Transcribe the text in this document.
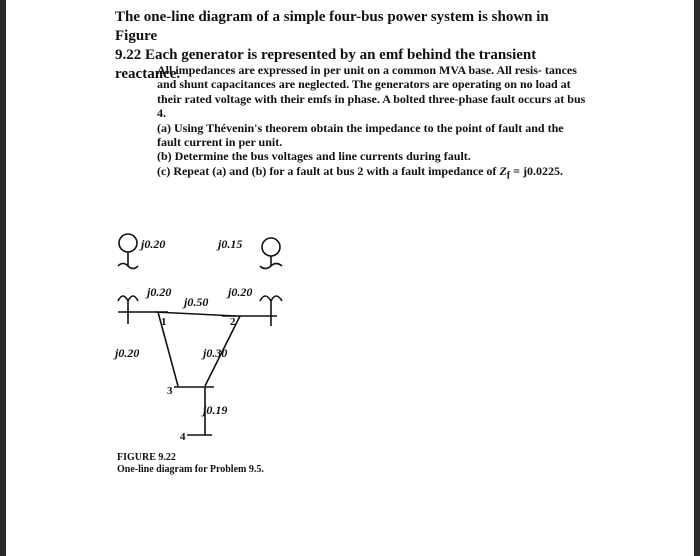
The one-line diagram of a simple four-bus power system is shown in Figure

9.22 Each generator is represented by an emf behind the transient reactance.

All impedances are expressed in per unit on a common MVA base. All resis- tances and shunt capacitances are neglected. The generators are operating on no load at their rated voltage with their emfs in phase. A bolted three-phase fault occurs at bus 4.

(a) Using Thévenin's theorem obtain the impedance to the point of fault and the fault current in per unit.

(b) Determine the bus voltages and line currents during fault.

(c) Repeat (a) and (b) for a fault at bus 2 with a fault impedance of $Z_f = j0.0225$.

j0.20	j0.15
j0.20	j0.20
j0.50
j0.20	j0.30
j0.19
1	2
3
4

FIGURE 9.22

One-line diagram for Problem 9.5.
